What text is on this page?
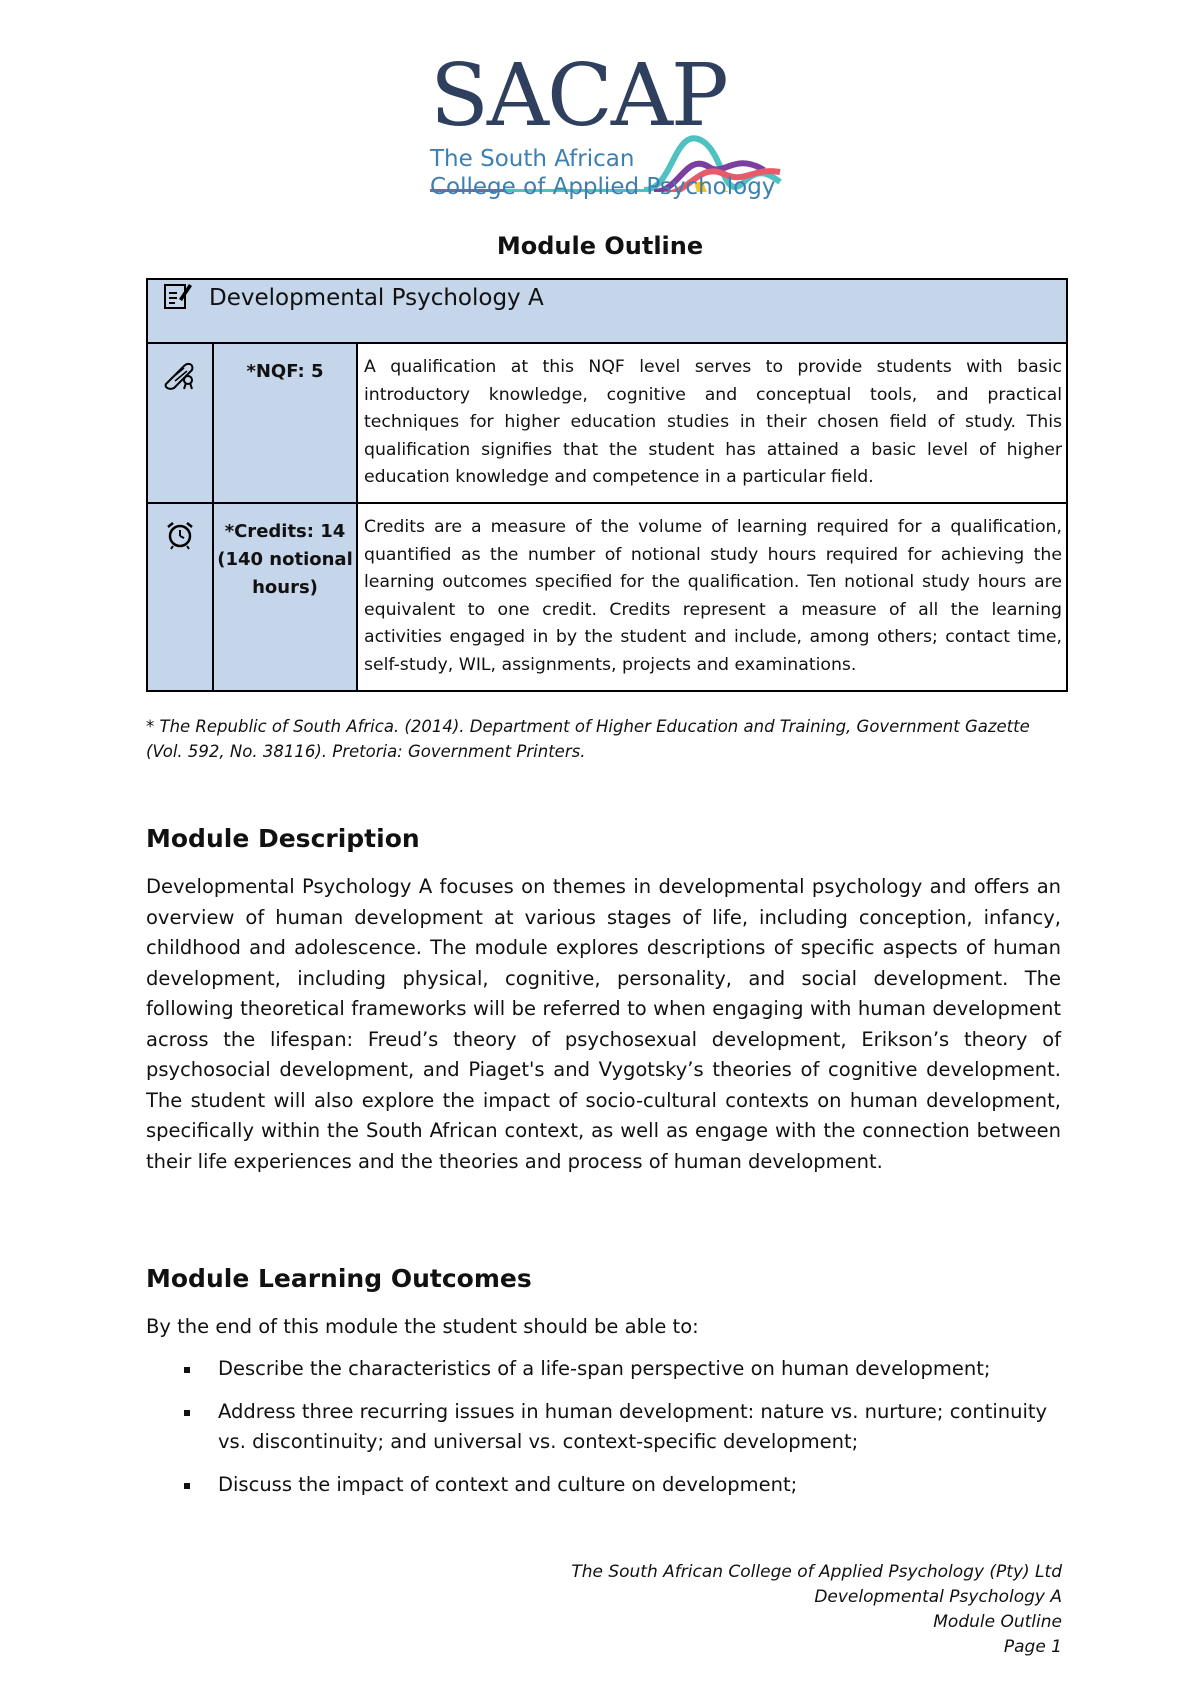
SACAP
The South African
College of Applied Psychology
Module Outline
Developmental Psychology A		

*NQF: 5	A qualification at this NQF level serves to provide students with basic introductory knowledge, cognitive and conceptual tools, and practical techniques for higher education studies in their chosen field of study. This qualification signifies that the student has attained a basic level of higher education knowledge and competence in a particular field.

*Credits: 14
(140 notional hours)	Credits are a measure of the volume of learning required for a qualification, quantified as the number of notional study hours required for achieving the learning outcomes specified for the qualification. Ten notional study hours are equivalent to one credit. Credits represent a measure of all the learning activities engaged in by the student and include, among others; contact time, self-study, WIL, assignments, projects and examinations.
* The Republic of South Africa. (2014). Department of Higher Education and Training, Government Gazette (Vol. 592, No. 38116). Pretoria: Government Printers.
Module Description

Developmental Psychology A focuses on themes in developmental psychology and offers an overview of human development at various stages of life, including conception, infancy, childhood and adolescence. The module explores descriptions of specific aspects of human development, including physical, cognitive, personality, and social development. The following theoretical frameworks will be referred to when engaging with human development across the lifespan: Freud’s theory of psychosexual development, Erikson’s theory of psychosocial development, and Piaget's and Vygotsky’s theories of cognitive development. The student will also explore the impact of socio-cultural contexts on human development, specifically within the South African context, as well as engage with the connection between their life experiences and the theories and process of human development.

Module Learning Outcomes

By the end of this module the student should be able to:

Describe the characteristics of a life-span perspective on human development;
Address three recurring issues in human development: nature vs. nurture; continuity vs. discontinuity; and universal vs. context-specific development;
Discuss the impact of context and culture on development;
The South African College of Applied Psychology (Pty) Ltd
Developmental Psychology A
Module Outline
Page 1
